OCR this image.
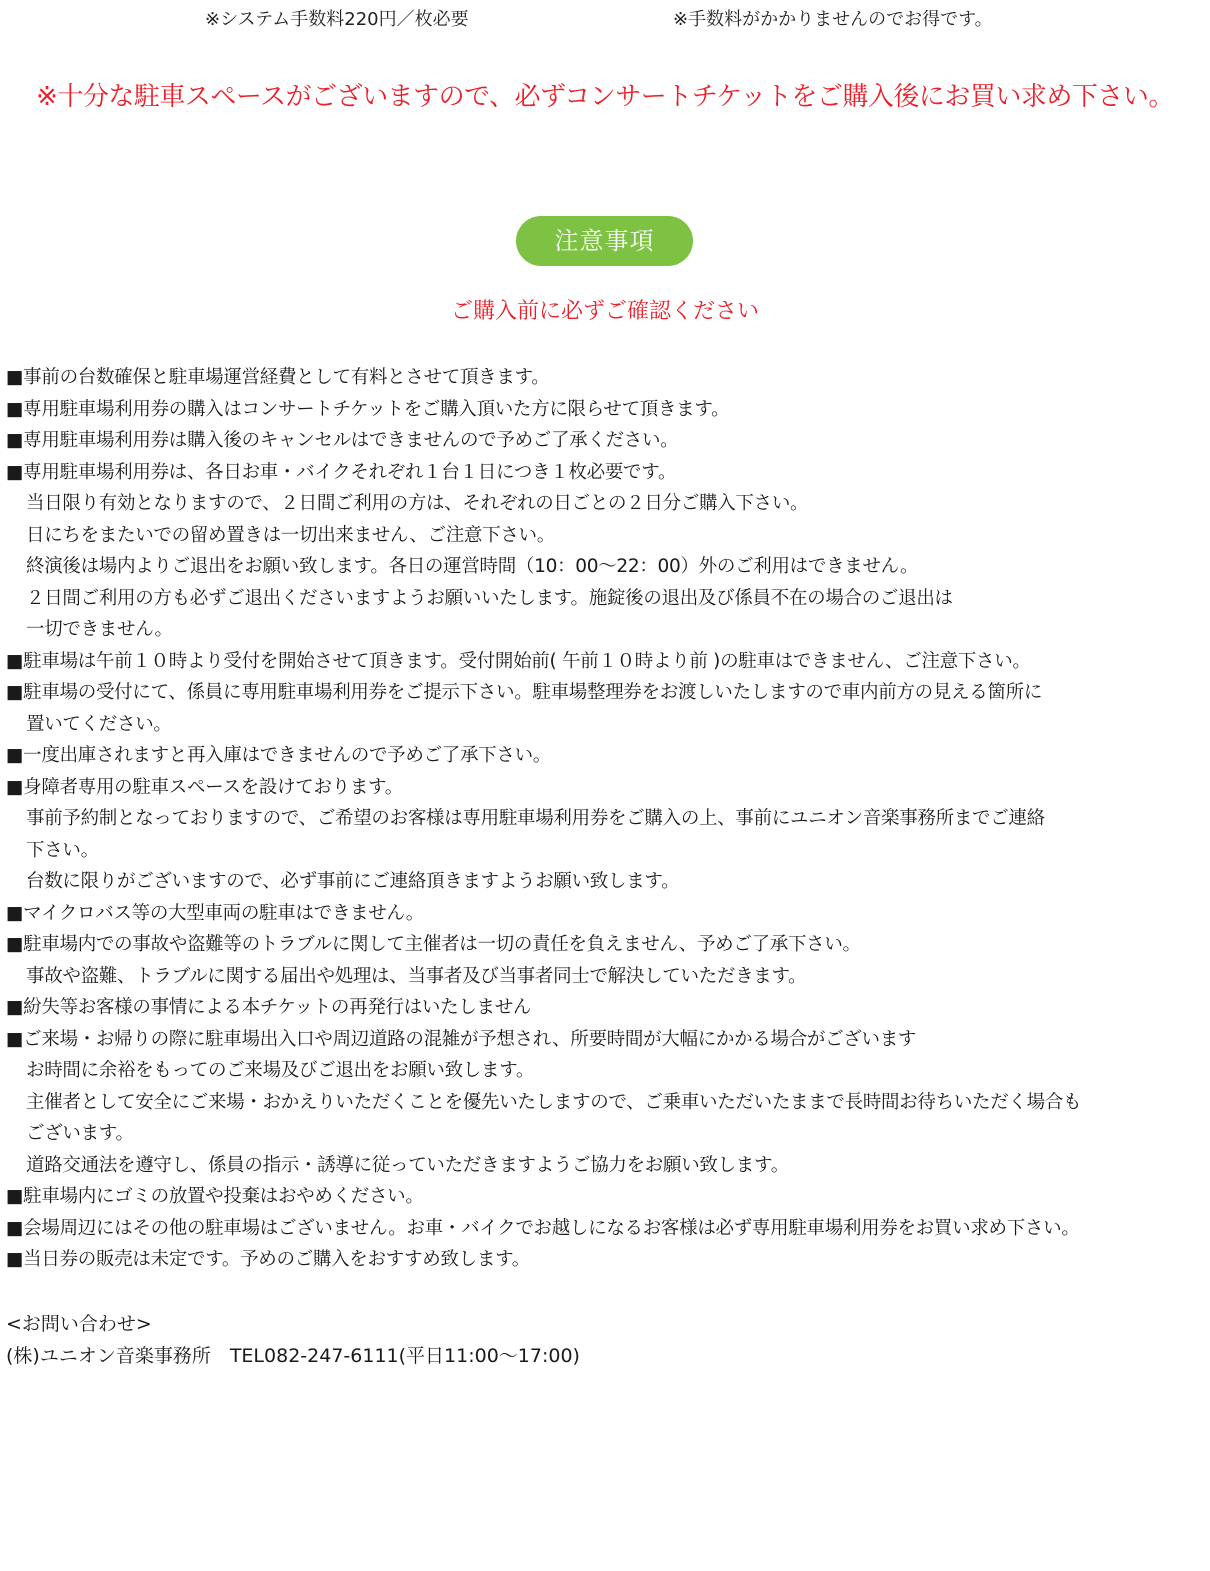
※システム手数料220円／枚必要	※手数料がかかりませんのでお得です。
※十分な駐車スペースがございますので、必ずコンサートチケットをご購入後にお買い求め下さい。
注意事項
ご購入前に必ずご確認ください
■事前の台数確保と駐車場運営経費として有料とさせて頂きます。
■専用駐車場利用券の購入はコンサートチケットをご購入頂いた方に限らせて頂きます。
■専用駐車場利用券は購入後のキャンセルはできませんので予めご了承ください。
■専用駐車場利用券は、各日お車・バイクそれぞれ１台１日につき１枚必要です。
当日限り有効となりますので、２日間ご利用の方は、それぞれの日ごとの２日分ご購入下さい。
日にちをまたいでの留め置きは一切出来ません、ご注意下さい。
終演後は場内よりご退出をお願い致します。各日の運営時間（10：00～22：00）外のご利用はできません。
２日間ご利用の方も必ずご退出くださいますようお願いいたします。施錠後の退出及び係員不在の場合のご退出は
一切できません。
■駐車場は午前１０時より受付を開始させて頂きます。受付開始前( 午前１０時より前 )の駐車はできません、ご注意下さい。
■駐車場の受付にて、係員に専用駐車場利用券をご提示下さい。駐車場整理券をお渡しいたしますので車内前方の見える箇所に
置いてください。
■一度出庫されますと再入庫はできませんので予めご了承下さい。
■身障者専用の駐車スペースを設けております。
事前予約制となっておりますので、ご希望のお客様は専用駐車場利用券をご購入の上、事前にユニオン音楽事務所までご連絡
下さい。
台数に限りがございますので、必ず事前にご連絡頂きますようお願い致します。
■マイクロバス等の大型車両の駐車はできません。
■駐車場内での事故や盗難等のトラブルに関して主催者は一切の責任を負えません、予めご了承下さい。
事故や盗難、トラブルに関する届出や処理は、当事者及び当事者同士で解決していただきます。
■紛失等お客様の事情による本チケットの再発行はいたしません
■ご来場・お帰りの際に駐車場出入口や周辺道路の混雑が予想され、所要時間が大幅にかかる場合がございます
お時間に余裕をもってのご来場及びご退出をお願い致します。
主催者として安全にご来場・おかえりいただくことを優先いたしますので、ご乗車いただいたままで長時間お待ちいただく場合も
ございます。
道路交通法を遵守し、係員の指示・誘導に従っていただきますようご協力をお願い致します。
■駐車場内にゴミの放置や投棄はおやめください。
■会場周辺にはその他の駐車場はございません。お車・バイクでお越しになるお客様は必ず専用駐車場利用券をお買い求め下さい。
■当日券の販売は未定です。予めのご購入をおすすめ致します。
<お問い合わせ>
(株)ユニオン音楽事務所　TEL082-247-6111(平日11:00～17:00)
